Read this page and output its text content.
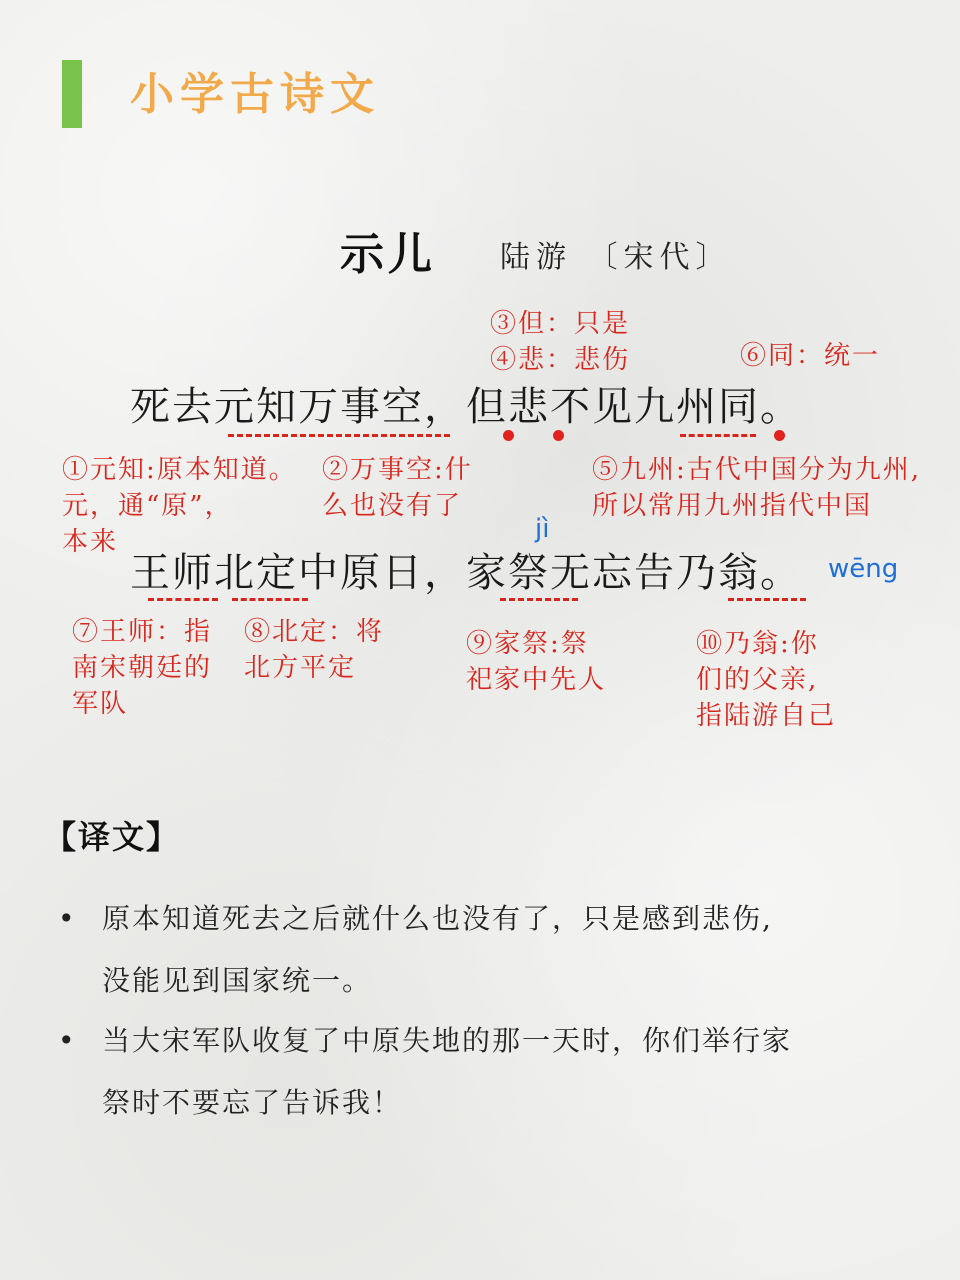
小学古诗文
示儿 陆游 〔宋代〕
③但：只是
④悲：悲伤	⑥同：统一
死去元知万事空，但悲不见九州同。
①元知:原本知道。
元，通“原”，
本来
②万事空:什
么也没有了
⑤九州:古代中国分为九州,
所以常用九州指代中国
jì
wēng
王师北定中原日，家祭无忘告乃翁。
⑦王师：指
南宋朝廷的
军队
⑧北定：将
北方平定
⑨家祭:祭
祀家中先人
⑩乃翁:你
们的父亲,
指陆游自己
【译文】
• 原本知道死去之后就什么也没有了，只是感到悲伤,
没能见到国家统一。
• 当大宋军队收复了中原失地的那一天时，你们举行家
祭时不要忘了告诉我！
